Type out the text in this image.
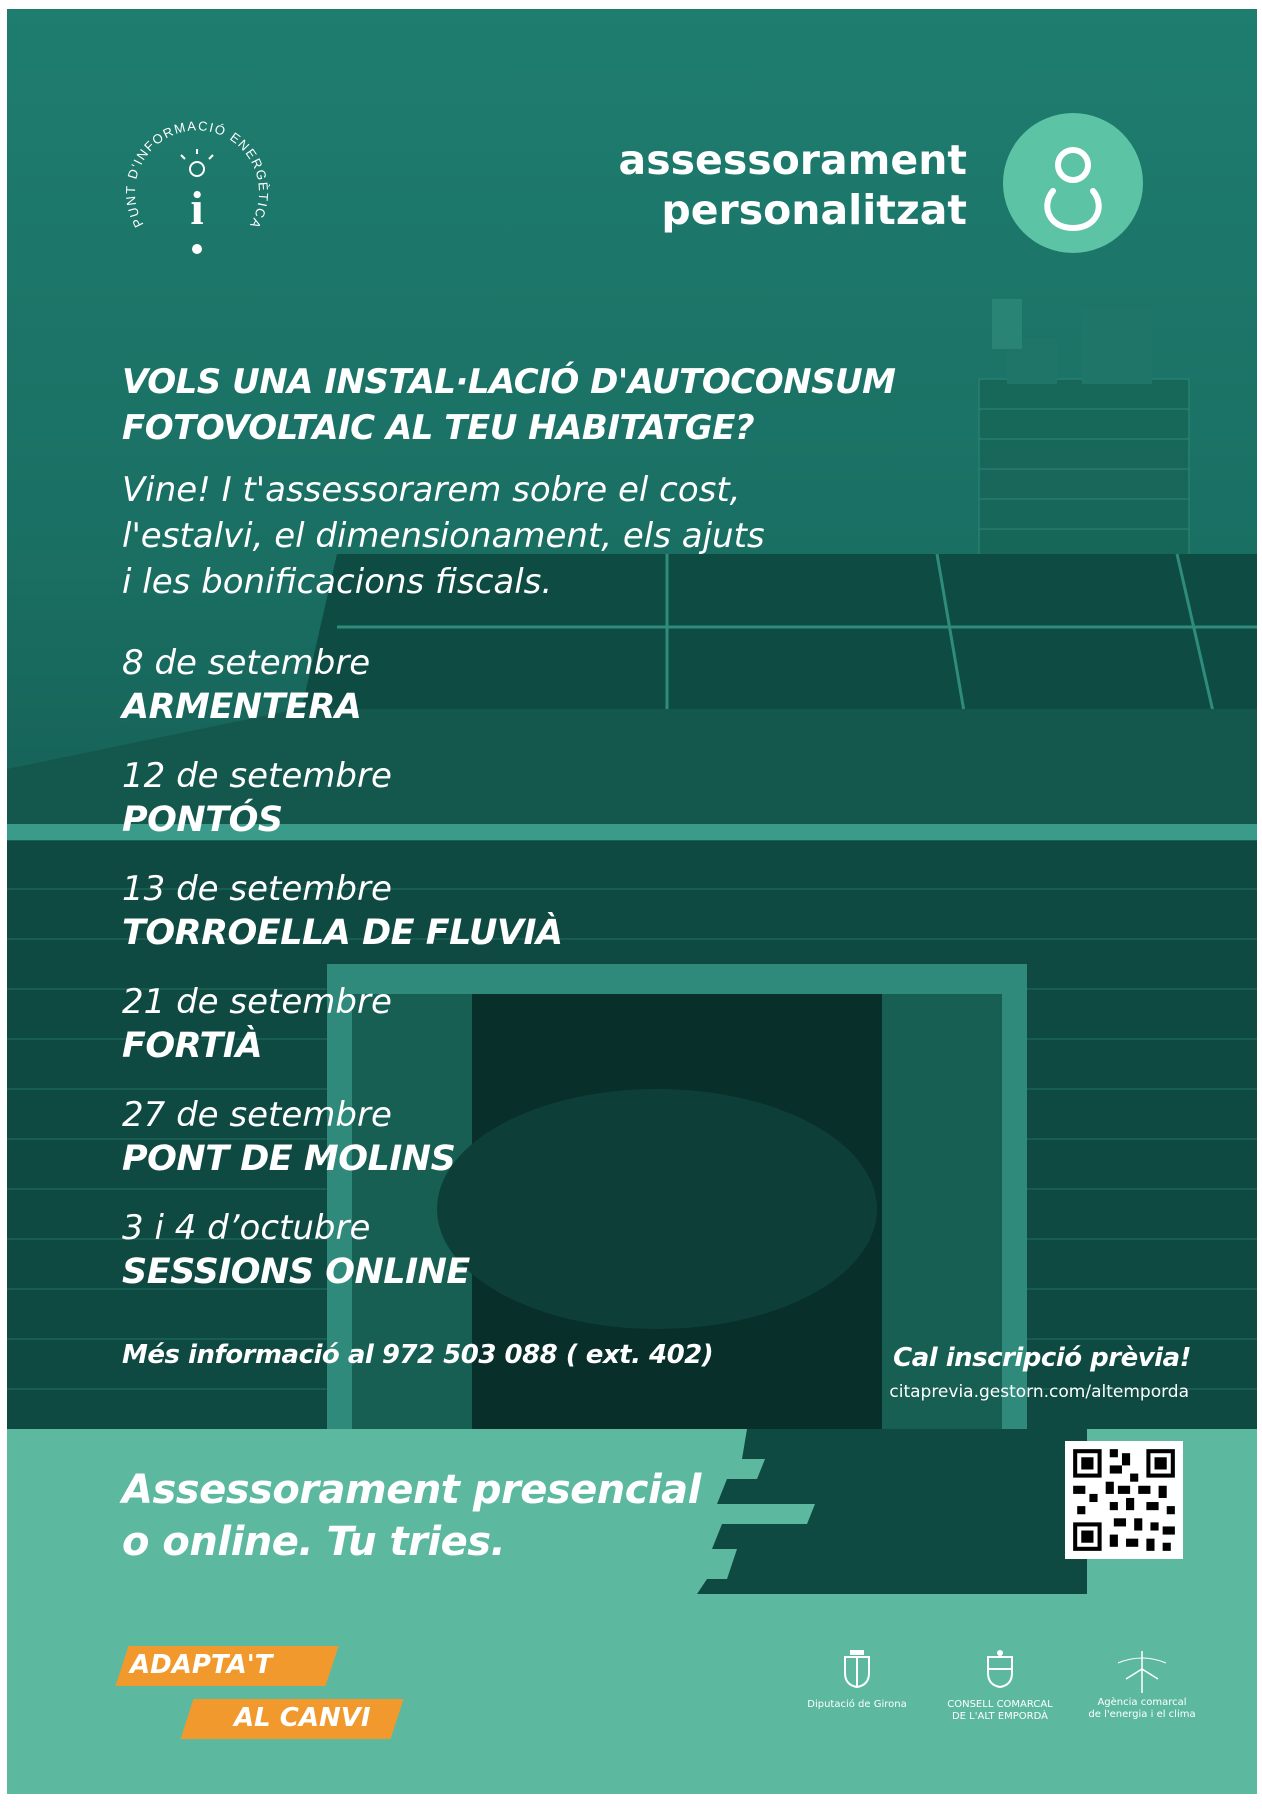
PUNT D'INFORMACIÓ ENERGÈTICA
i
assessorament
personalitzat
VOLS UNA INSTAL·LACIÓ D'AUTOCONSUM
FOTOVOLTAIC AL TEU HABITATGE?
Vine! I t'assessorarem sobre el cost,
l'estalvi, el dimensionament, els ajuts
i les bonificacions fiscals.
8 de setembre
ARMENTERA
12 de setembre
PONTÓS
13 de setembre
TORROELLA DE FLUVIÀ
21 de setembre
FORTIÀ
27 de setembre
PONT DE MOLINS
3 i 4 d’octubre
SESSIONS ONLINE
Més informació al 972 503 088 ( ext. 402)	Cal inscripció prèvia!
citaprevia.gestorn.com/altemporda
Assessorament presencial
o online. Tu tries.
ADAPTA'T
AL CANVI	Diputació de Girona	CONSELL COMARCAL
DE L'ALT EMPORDÀ
Agència comarcal
de l'energia i el clima
